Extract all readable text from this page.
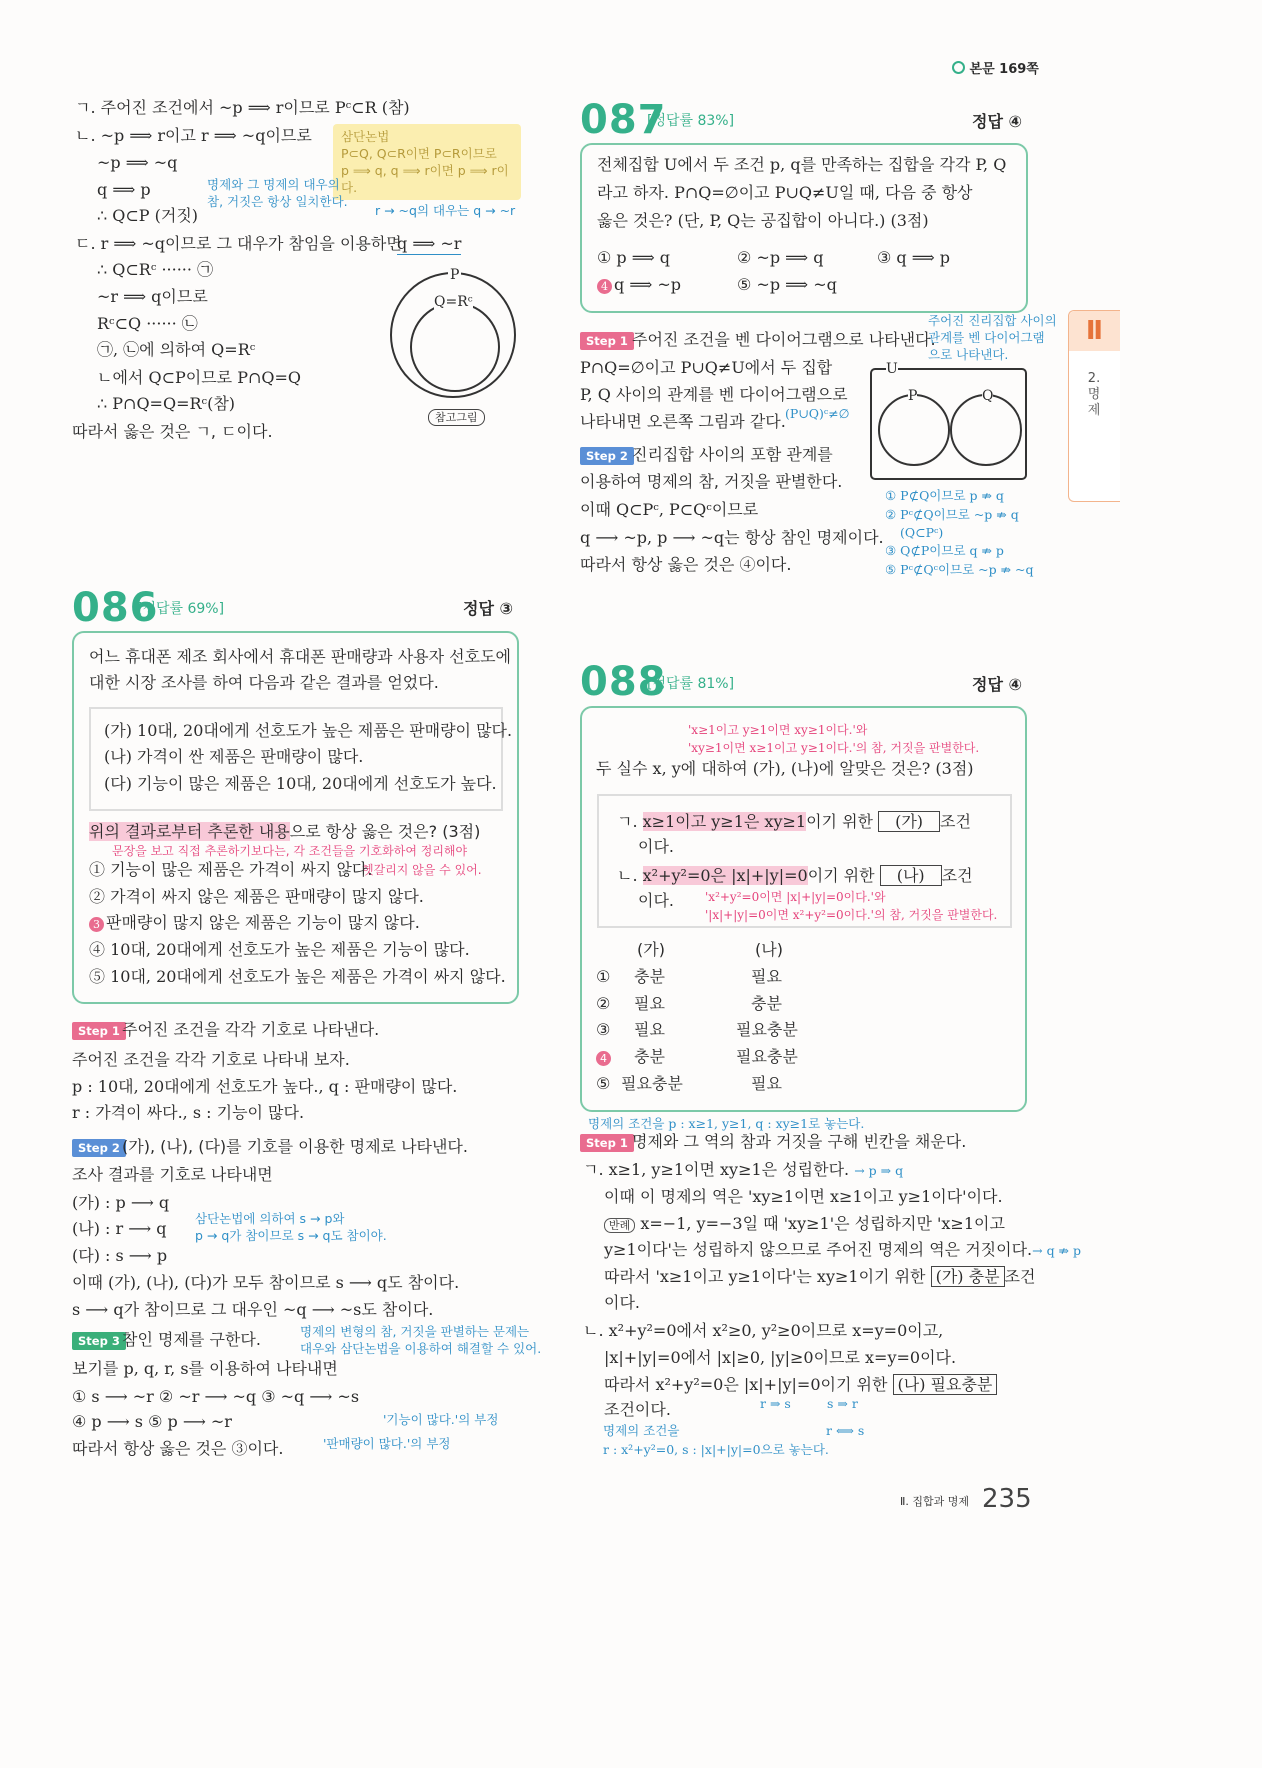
본문 169쪽
Ⅱ
2. 명제
ㄱ. 주어진 조건에서 ~p ⟹ r이므로 Pᶜ⊂R (참)
ㄴ. ~p ⟹ r이고 r ⟹ ~q이므로
~p ⟹ ~q
q ⟹ p
∴ Q⊂P (거짓)
ㄷ. r ⟹ ~q이므로 그 대우가 참임을 이용하면
q ⟹ ~r
∴ Q⊂Rᶜ ······ ㉠
~r ⟹ q이므로
Rᶜ⊂Q ······ ㉡
㉠, ㉡에 의하여 Q=Rᶜ
ㄴ에서 Q⊂P이므로 P∩Q=Q
∴ P∩Q=Q=Rᶜ(참)
따라서 옳은 것은 ㄱ, ㄷ이다.
삼단논법
P⊂Q, Q⊂R이면 P⊂R이므로
p ⟹ q, q ⟹ r이면 p ⟹ r이다.
명제와 그 명제의 대우의
참, 거짓은 항상 일치한다.
r → ~q의 대우는 q → ~r
P
Q=Rᶜ
참고그림
086
[정답률 69%]	정답 ③
어느 휴대폰 제조 회사에서 휴대폰 판매량과 사용자 선호도에
대한 시장 조사를 하여 다음과 같은 결과를 얻었다.
(가) 10대, 20대에게 선호도가 높은 제품은 판매량이 많다.
(나) 가격이 싼 제품은 판매량이 많다.
(다) 기능이 많은 제품은 10대, 20대에게 선호도가 높다.
위의 결과로부터 추론한 내용으로 항상 옳은 것은? (3점)
문장을 보고 직접 추론하기보다는, 각 조건들을 기호화하여 정리해야
헷갈리지 않을 수 있어.
① 기능이 많은 제품은 가격이 싸지 않다.
② 가격이 싸지 않은 제품은 판매량이 많지 않다.
3 판매량이 많지 않은 제품은 기능이 많지 않다.
④ 10대, 20대에게 선호도가 높은 제품은 기능이 많다.
⑤ 10대, 20대에게 선호도가 높은 제품은 가격이 싸지 않다.
Step 1 주어진 조건을 각각 기호로 나타낸다.
주어진 조건을 각각 기호로 나타내 보자.
p : 10대, 20대에게 선호도가 높다., q : 판매량이 많다.
r : 가격이 싸다., s : 기능이 많다.
Step 2 (가), (나), (다)를 기호를 이용한 명제로 나타낸다.
조사 결과를 기호로 나타내면
(가) : p ⟶ q
(나) : r ⟶ q
(다) : s ⟶ p
이때 (가), (나), (다)가 모두 참이므로 s ⟶ q도 참이다.
s ⟶ q가 참이므로 그 대우인 ~q ⟶ ~s도 참이다.
삼단논법에 의하여 s → p와
p → q가 참이므로 s → q도 참이야.
명제의 변형의 참, 거짓을 판별하는 문제는
대우와 삼단논법을 이용하여 해결할 수 있어.
Step 3 참인 명제를 구한다.
보기를 p, q, r, s를 이용하여 나타내면
① s ⟶ ~r ② ~r ⟶ ~q ③ ~q ⟶ ~s
④ p ⟶ s ⑤ p ⟶ ~r
따라서 항상 옳은 것은 ③이다.
'기능이 많다.'의 부정
'판매량이 많다.'의 부정
087
[정답률 83%]	정답 ④
전체집합 U에서 두 조건 p, q를 만족하는 집합을 각각 P, Q
라고 하자. P∩Q=∅이고 P∪Q≠U일 때, 다음 중 항상
옳은 것은? (단, P, Q는 공집합이 아니다.) (3점)
① p ⟹ q	② ~p ⟹ q	③ q ⟹ p
4 q ⟹ ~p	⑤ ~p ⟹ ~q
주어진 진리집합 사이의
관계를 벤 다이어그램
으로 나타낸다.
Step 1 주어진 조건을 벤 다이어그램으로 나타낸다.
P∩Q=∅이고 P∪Q≠U에서 두 집합
P, Q 사이의 관계를 벤 다이어그램으로
나타내면 오른쪽 그림과 같다. (P∪Q)ᶜ≠∅
U
P	Q
Step 2 진리집합 사이의 포함 관계를
이용하여 명제의 참, 거짓을 판별한다.
이때 Q⊂Pᶜ, P⊂Qᶜ이므로
q ⟶ ~p, p ⟶ ~q는 항상 참인 명제이다.
따라서 항상 옳은 것은 ④이다.
① P⊄Q이므로 p ⇏ q
② Pᶜ⊄Q이므로 ~p ⇏ q
(Q⊂Pᶜ)
③ Q⊄P이므로 q ⇏ p
⑤ Pᶜ⊄Qᶜ이므로 ~p ⇏ ~q
088
[정답률 81%]	정답 ④
'x≥1이고 y≥1이면 xy≥1이다.'와
'xy≥1이면 x≥1이고 y≥1이다.'의 참, 거짓을 판별한다.
두 실수 x, y에 대하여 (가), (나)에 알맞은 것은? (3점)
ㄱ. x≥1이고 y≥1은 xy≥1이기 위한 (가) 조건
이다.
ㄴ. x²+y²=0은 |x|+|y|=0이기 위한 (나) 조건
이다.	'x²+y²=0이면 |x|+|y|=0이다.'와
'|x|+|y|=0이면 x²+y²=0이다.'의 참, 거짓을 판별한다.
(가)	(나)
① 충분	필요
② 필요	충분
③ 필요	필요충분
4 충분	필요충분
⑤ 필요충분	필요
명제의 조건을 p : x≥1, y≥1, q : xy≥1로 놓는다.
Step 1 명제와 그 역의 참과 거짓을 구해 빈칸을 채운다.
ㄱ. x≥1, y≥1이면 xy≥1은 성립한다. → p ⇒ q
이때 이 명제의 역은 'xy≥1이면 x≥1이고 y≥1이다'이다.
반례 x=−1, y=−3일 때 'xy≥1'은 성립하지만 'x≥1이고
y≥1이다'는 성립하지 않으므로 주어진 명제의 역은 거짓이다.→ q ⇏ p
따라서 'x≥1이고 y≥1이다'는 xy≥1이기 위한 (가) 충분 조건
이다.
ㄴ. x²+y²=0에서 x²≥0, y²≥0이므로 x=y=0이고,
|x|+|y|=0에서 |x|≥0, |y|≥0이므로 x=y=0이다.
따라서 x²+y²=0은 |x|+|y|=0이기 위한 (나) 필요충분
조건이다.	r ⇒ s	s ⇒ r
r ⟺ s
명제의 조건을
r : x²+y²=0, s : |x|+|y|=0으로 놓는다.
Ⅱ. 집합과 명제 235
